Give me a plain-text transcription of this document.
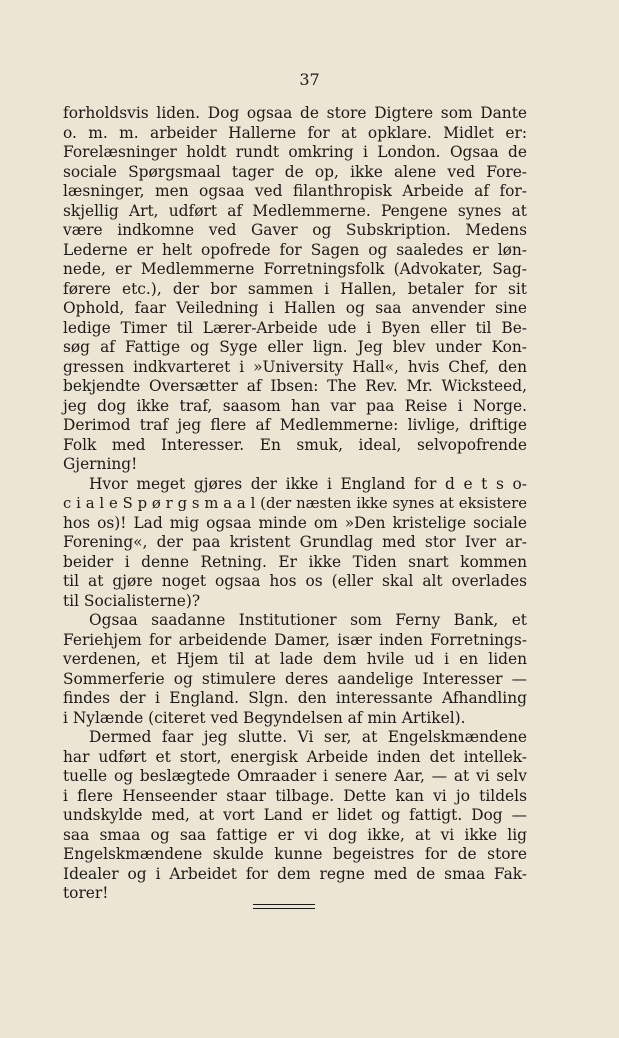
37
forholdsvis liden. Dog ogsaa de store Digtere som Dante
o. m. m. arbeider Hallerne for at opklare. Midlet er:
Forelæsninger holdt rundt omkring i London. Ogsaa de
sociale Spørgsmaal tager de op, ikke alene ved Fore-
læsninger, men ogsaa ved filanthropisk Arbeide af for-
skjellig Art, udført af Medlemmerne. Pengene synes at
være indkomne ved Gaver og Subskription. Medens
Lederne er helt opofrede for Sagen og saaledes er løn-
nede, er Medlemmerne Forretningsfolk (Advokater, Sag-
førere etc.), der bor sammen i Hallen, betaler for sit
Ophold, faar Veiledning i Hallen og saa anvender sine
ledige Timer til Lærer-Arbeide ude i Byen eller til Be-
søg af Fattige og Syge eller lign. Jeg blev under Kon-
gressen indkvarteret i »University Hall«, hvis Chef, den
bekjendte Oversætter af Ibsen: The Rev. Mr. Wicksteed,
jeg dog ikke traf, saasom han var paa Reise i Norge.
Derimod traf jeg flere af Medlemmerne: livlige, driftige
Folk med Interesser. En smuk, ideal, selvopofrende
Gjerning!
Hvor meget gjøres der ikke i England for d e t s o-
c i a l e S p ø r g s m a a l (der næsten ikke synes at eksistere
hos os)! Lad mig ogsaa minde om »Den kristelige sociale
Forening«, der paa kristent Grundlag med stor Iver ar-
beider i denne Retning. Er ikke Tiden snart kommen
til at gjøre noget ogsaa hos os (eller skal alt overlades
til Socialisterne)?
Ogsaa saadanne Institutioner som Ferny Bank, et
Feriehjem for arbeidende Damer, især inden Forretnings-
verdenen, et Hjem til at lade dem hvile ud i en liden
Sommerferie og stimulere deres aandelige Interesser —
findes der i England. Slgn. den interessante Afhandling
i Nylænde (citeret ved Begyndelsen af min Artikel).
Dermed faar jeg slutte. Vi ser, at Engelskmændene
har udført et stort, energisk Arbeide inden det intellek-
tuelle og beslægtede Omraader i senere Aar, — at vi selv
i flere Henseender staar tilbage. Dette kan vi jo tildels
undskylde med, at vort Land er lidet og fattigt. Dog —
saa smaa og saa fattige er vi dog ikke, at vi ikke lig
Engelskmændene skulde kunne begeistres for de store
Idealer og i Arbeidet for dem regne med de smaa Fak-
torer!
